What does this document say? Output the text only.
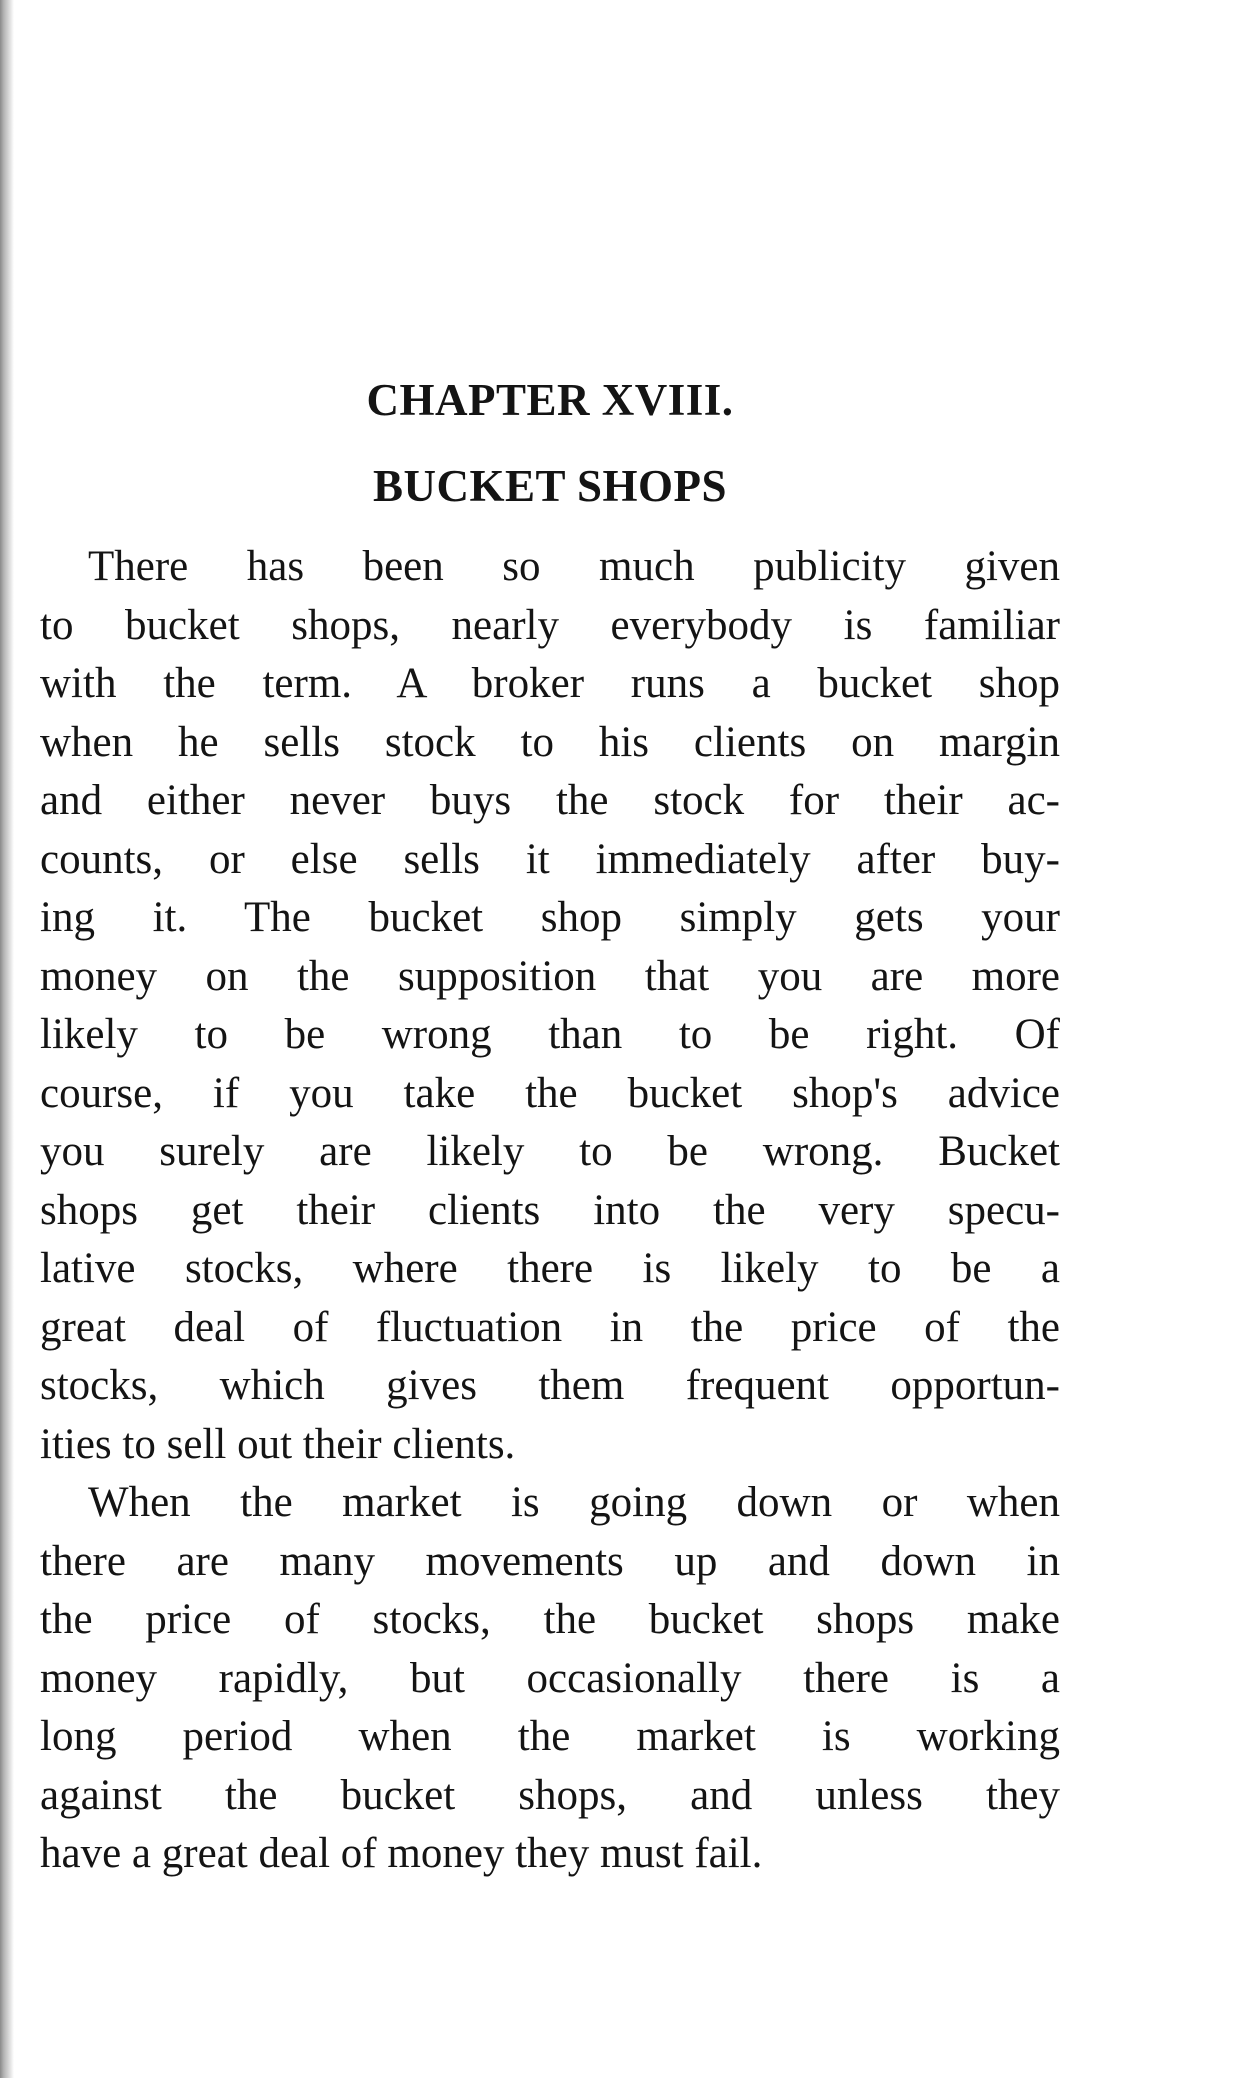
CHAPTER XVIII.
BUCKET SHOPS

There has been so much publicity given
to bucket shops, nearly everybody is familiar
with the term. A broker runs a bucket shop
when he sells stock to his clients on margin
and either never buys the stock for their ac-
counts, or else sells it immediately after buy-
ing it. The bucket shop simply gets your
money on the supposition that you are more
likely to be wrong than to be right. Of
course, if you take the bucket shop's advice
you surely are likely to be wrong. Bucket
shops get their clients into the very specu-
lative stocks, where there is likely to be a
great deal of fluctuation in the price of the
stocks, which gives them frequent opportun-
ities to sell out their clients.

When the market is going down or when
there are many movements up and down in
the price of stocks, the bucket shops make
money rapidly, but occasionally there is a
long period when the market is working
against the bucket shops, and unless they
have a great deal of money they must fail.
